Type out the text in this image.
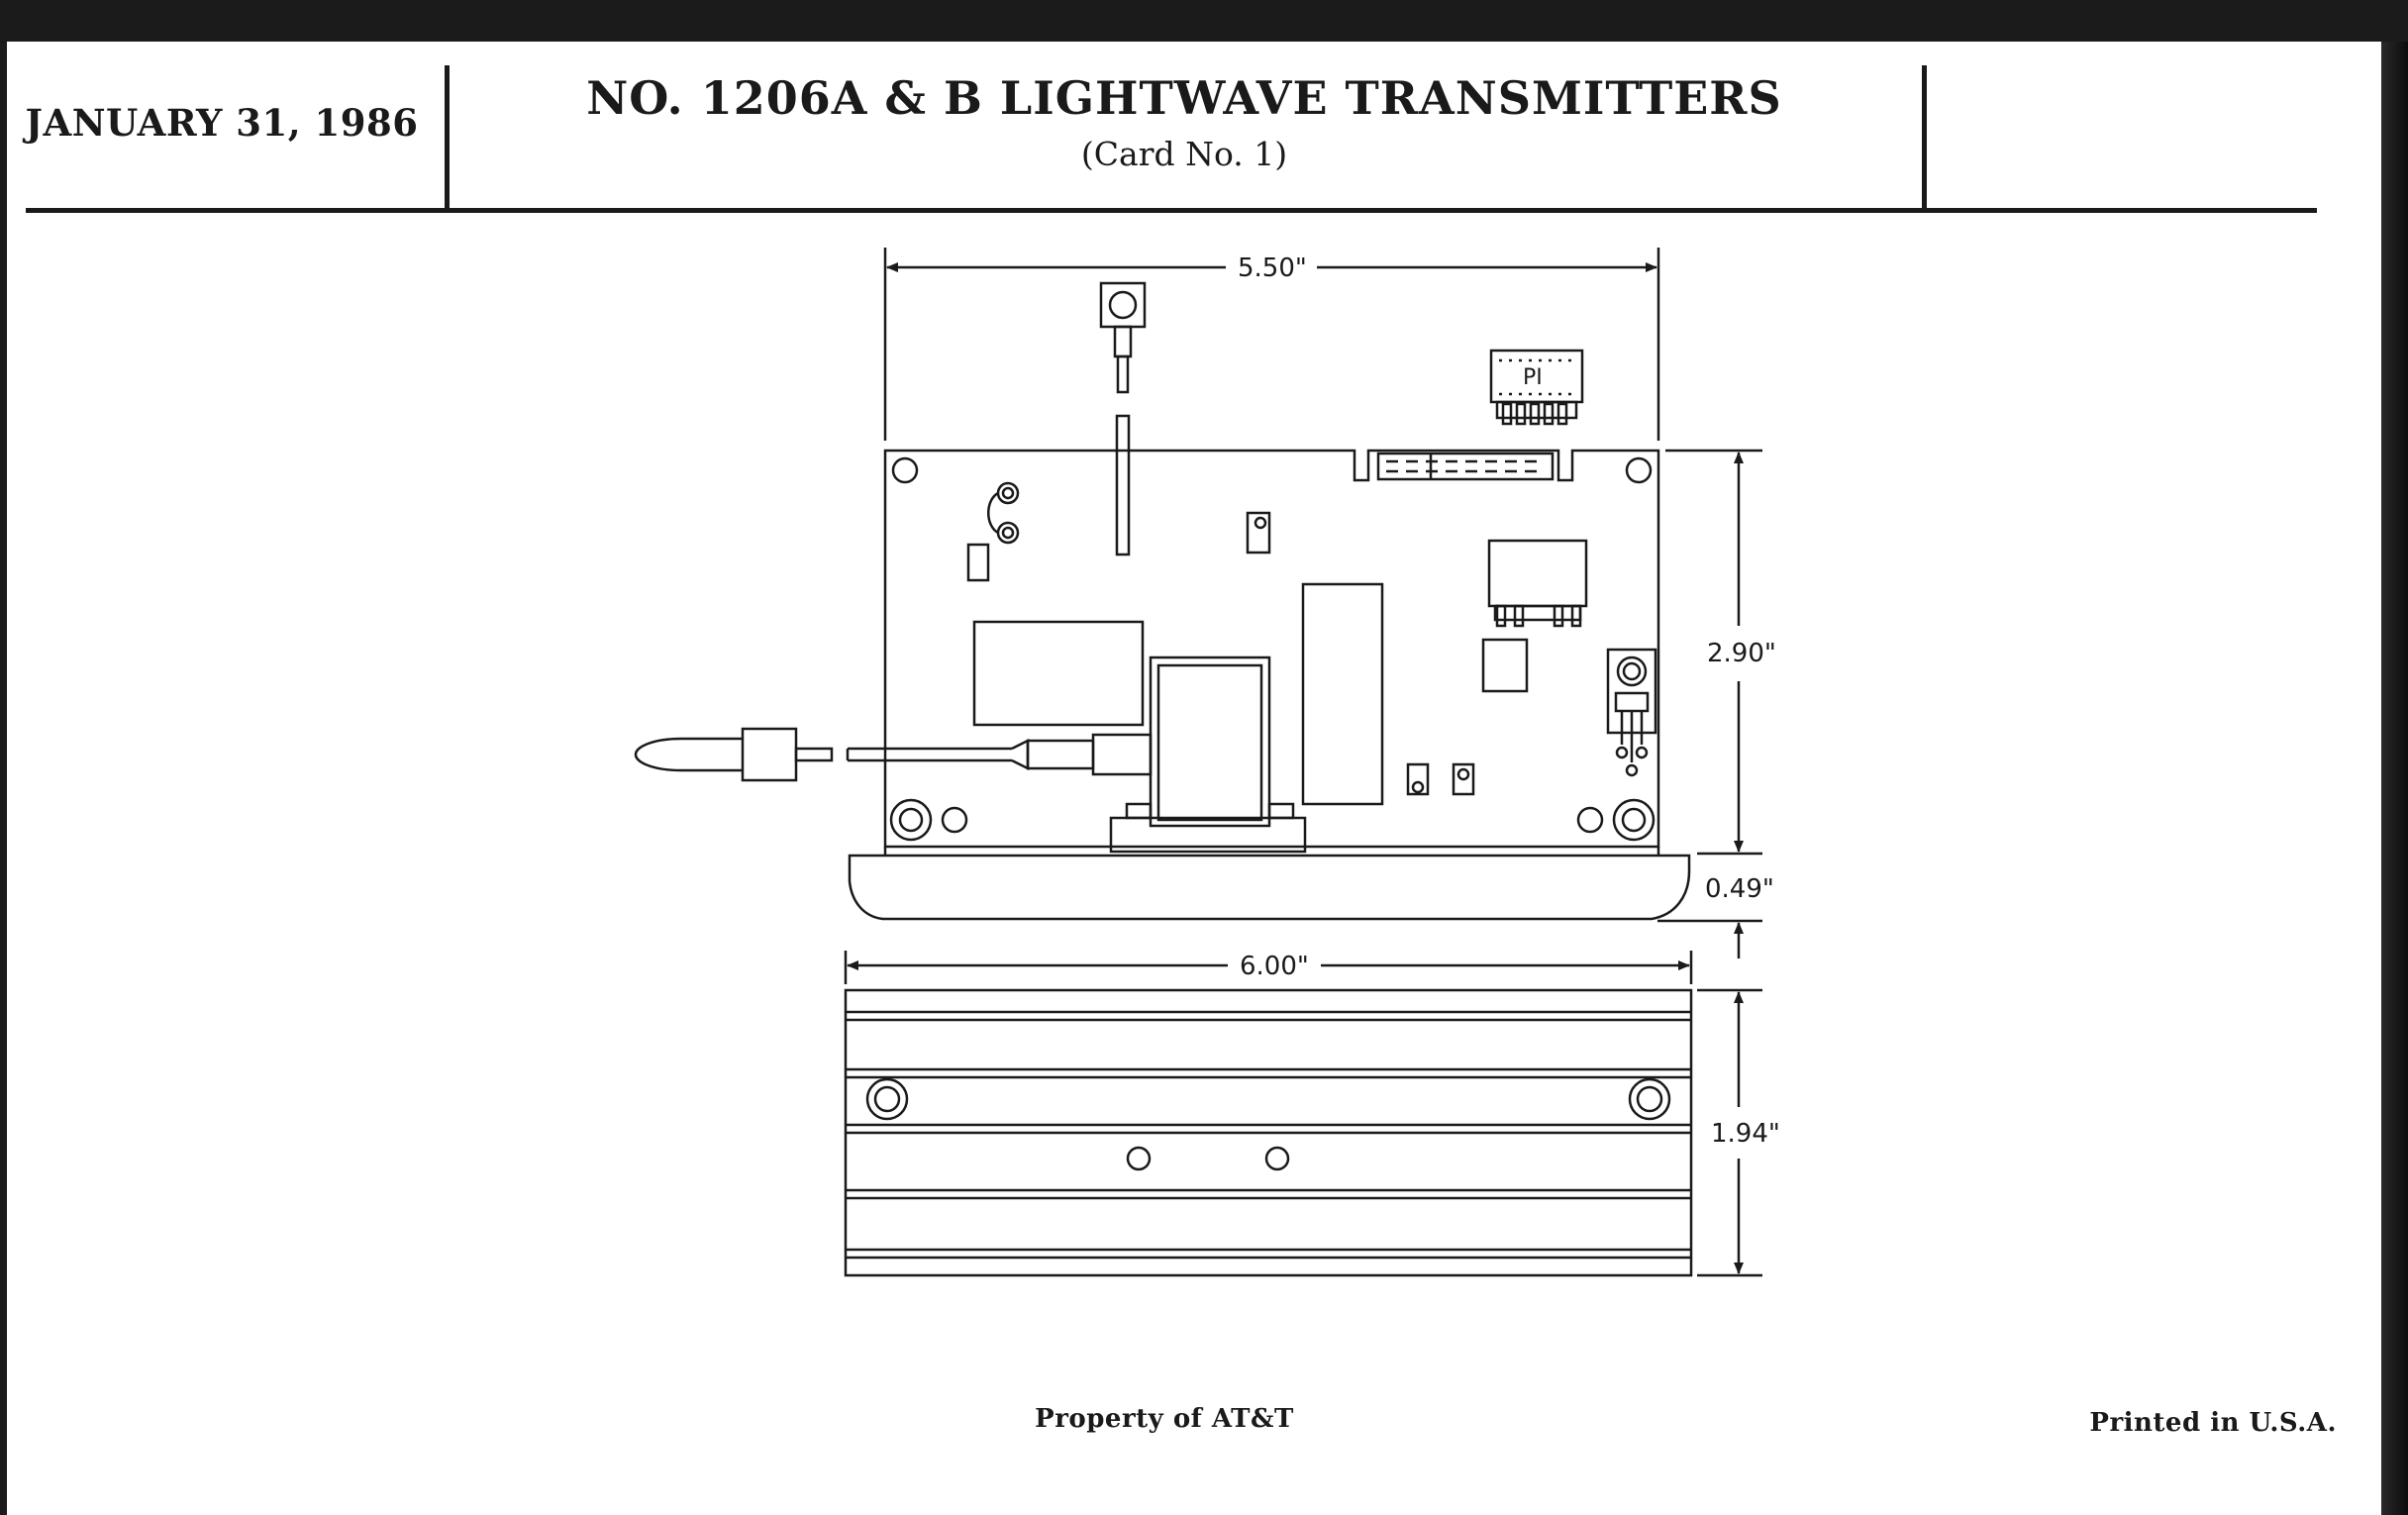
JANUARY 31, 1986	NO. 1206A & B LIGHTWAVE TRANSMITTERS
(Card No. 1)
PI
5.50"
2.90"
0.49"
6.00"
1.94"
Property of AT&T	Printed in U.S.A.
